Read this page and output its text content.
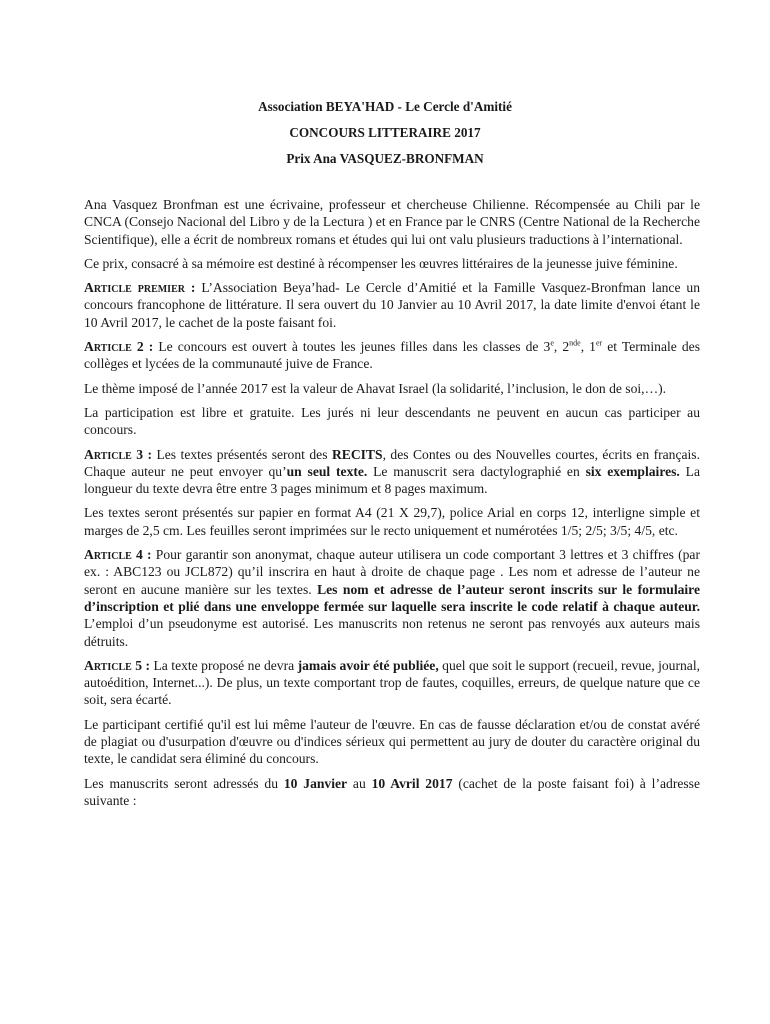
Association BEYA'HAD - Le Cercle d'Amitié
CONCOURS LITTERAIRE 2017
Prix Ana VASQUEZ-BRONFMAN

Ana Vasquez Bronfman est une écrivaine, professeur et chercheuse Chilienne. Récompensée au Chili par le CNCA (Consejo Nacional del Libro y de la Lectura ) et en France par le CNRS (Centre National de la Recherche Scientifique), elle a écrit de nombreux romans et études qui lui ont valu plusieurs traductions à l’international.

Ce prix, consacré à sa mémoire est destiné à récompenser les œuvres littéraires de la jeunesse juive féminine.

Article premier : L’Association Beya’had- Le Cercle d’Amitié et la Famille Vasquez-Bronfman lance un concours francophone de littérature. Il sera ouvert du 10 Janvier au 10 Avril 2017, la date limite d'envoi étant le 10 Avril 2017, le cachet de la poste faisant foi.

Article 2 : Le concours est ouvert à toutes les jeunes filles dans les classes de 3e, 2nde, 1er et Terminale des collèges et lycées de la communauté juive de France.

Le thème imposé de l’année 2017 est la valeur de Ahavat Israel (la solidarité, l’inclusion, le don de soi,…).

La participation est libre et gratuite. Les jurés ni leur descendants ne peuvent en aucun cas participer au concours.

Article 3 : Les textes présentés seront des RECITS, des Contes ou des Nouvelles courtes, écrits en français. Chaque auteur ne peut envoyer qu’un seul texte. Le manuscrit sera dactylographié en six exemplaires. La longueur du texte devra être entre 3 pages minimum et 8 pages maximum.

Les textes seront présentés sur papier en format A4 (21 X 29,7), police Arial en corps 12, interligne simple et marges de 2,5 cm. Les feuilles seront imprimées sur le recto uniquement et numérotées 1/5; 2/5; 3/5; 4/5, etc.

Article 4 : Pour garantir son anonymat, chaque auteur utilisera un code comportant 3 lettres et 3 chiffres (par ex. : ABC123 ou JCL872) qu’il inscrira en haut à droite de chaque page . Les nom et adresse de l’auteur ne seront en aucune manière sur les textes. Les nom et adresse de l’auteur seront inscrits sur le formulaire d’inscription et plié dans une enveloppe fermée sur laquelle sera inscrite le code relatif à chaque auteur. L’emploi d’un pseudonyme est autorisé. Les manuscrits non retenus ne seront pas renvoyés aux auteurs mais détruits.

Article 5 : La texte proposé ne devra jamais avoir été publiée, quel que soit le support (recueil, revue, journal, autoédition, Internet...). De plus, un texte comportant trop de fautes, coquilles, erreurs, de quelque nature que ce soit, sera écarté.

Le participant certifié qu'il est lui même l'auteur de l'œuvre. En cas de fausse déclaration et/ou de constat avéré de plagiat ou d'usurpation d'œuvre ou d'indices sérieux qui permettent au jury de douter du caractère original du texte, le candidat sera éliminé du concours.

Les manuscrits seront adressés du 10 Janvier au 10 Avril 2017 (cachet de la poste faisant foi) à l’adresse suivante :
